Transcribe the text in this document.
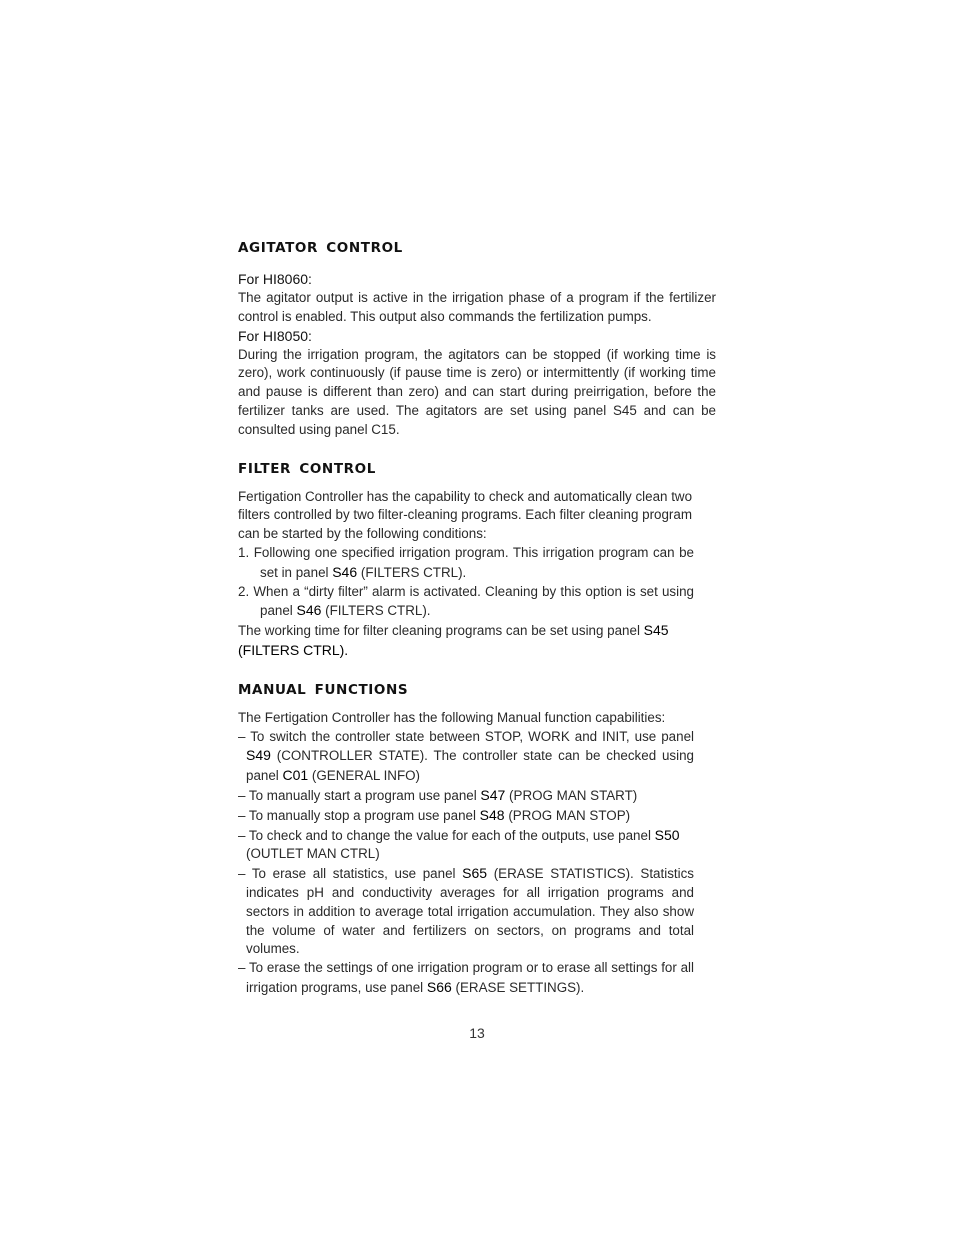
AGITATOR CONTROL
For HI8060:

The agitator output is active in the irrigation phase of a program if the fertilizer control is enabled. This output also commands the fertilization pumps.

For HI8050:

During the irrigation program, the agitators can be stopped (if working time is zero), work continuously (if pause time is zero) or intermittently (if working time and pause is different than zero) and can start during preirrigation, before the fertilizer tanks are used. The agitators are set using panel S45 and can be consulted using panel C15.

FILTER CONTROL

Fertigation Controller has the capability to check and automatically clean two filters controlled by two filter-cleaning programs. Each filter cleaning program can be started by the following conditions:

1. Following one specified irrigation program. This irrigation program can be set in panel S46 (FILTERS CTRL).

2. When a “dirty filter” alarm is activated. Cleaning by this option is set using panel S46 (FILTERS CTRL).

The working time for filter cleaning programs can be set using panel S45
(FILTERS CTRL).

MANUAL FUNCTIONS

The Fertigation Controller has the following Manual function capabilities:

– To switch the controller state between STOP, WORK and INIT, use panel S49 (CONTROLLER STATE). The controller state can be checked using panel C01 (GENERAL INFO)

– To manually start a program use panel S47 (PROG MAN START)

– To manually stop a program use panel S48 (PROG MAN STOP)

– To check and to change the value for each of the outputs, use panel S50 (OUTLET MAN CTRL)

– To erase all statistics, use panel S65 (ERASE STATISTICS). Statistics indicates pH and conductivity averages for all irrigation programs and sectors in addition to average total irrigation accumulation. They also show the volume of water and fertilizers on sectors, on programs and total volumes.

– To erase the settings of one irrigation program or to erase all settings for all irrigation programs, use panel S66 (ERASE SETTINGS).

13
